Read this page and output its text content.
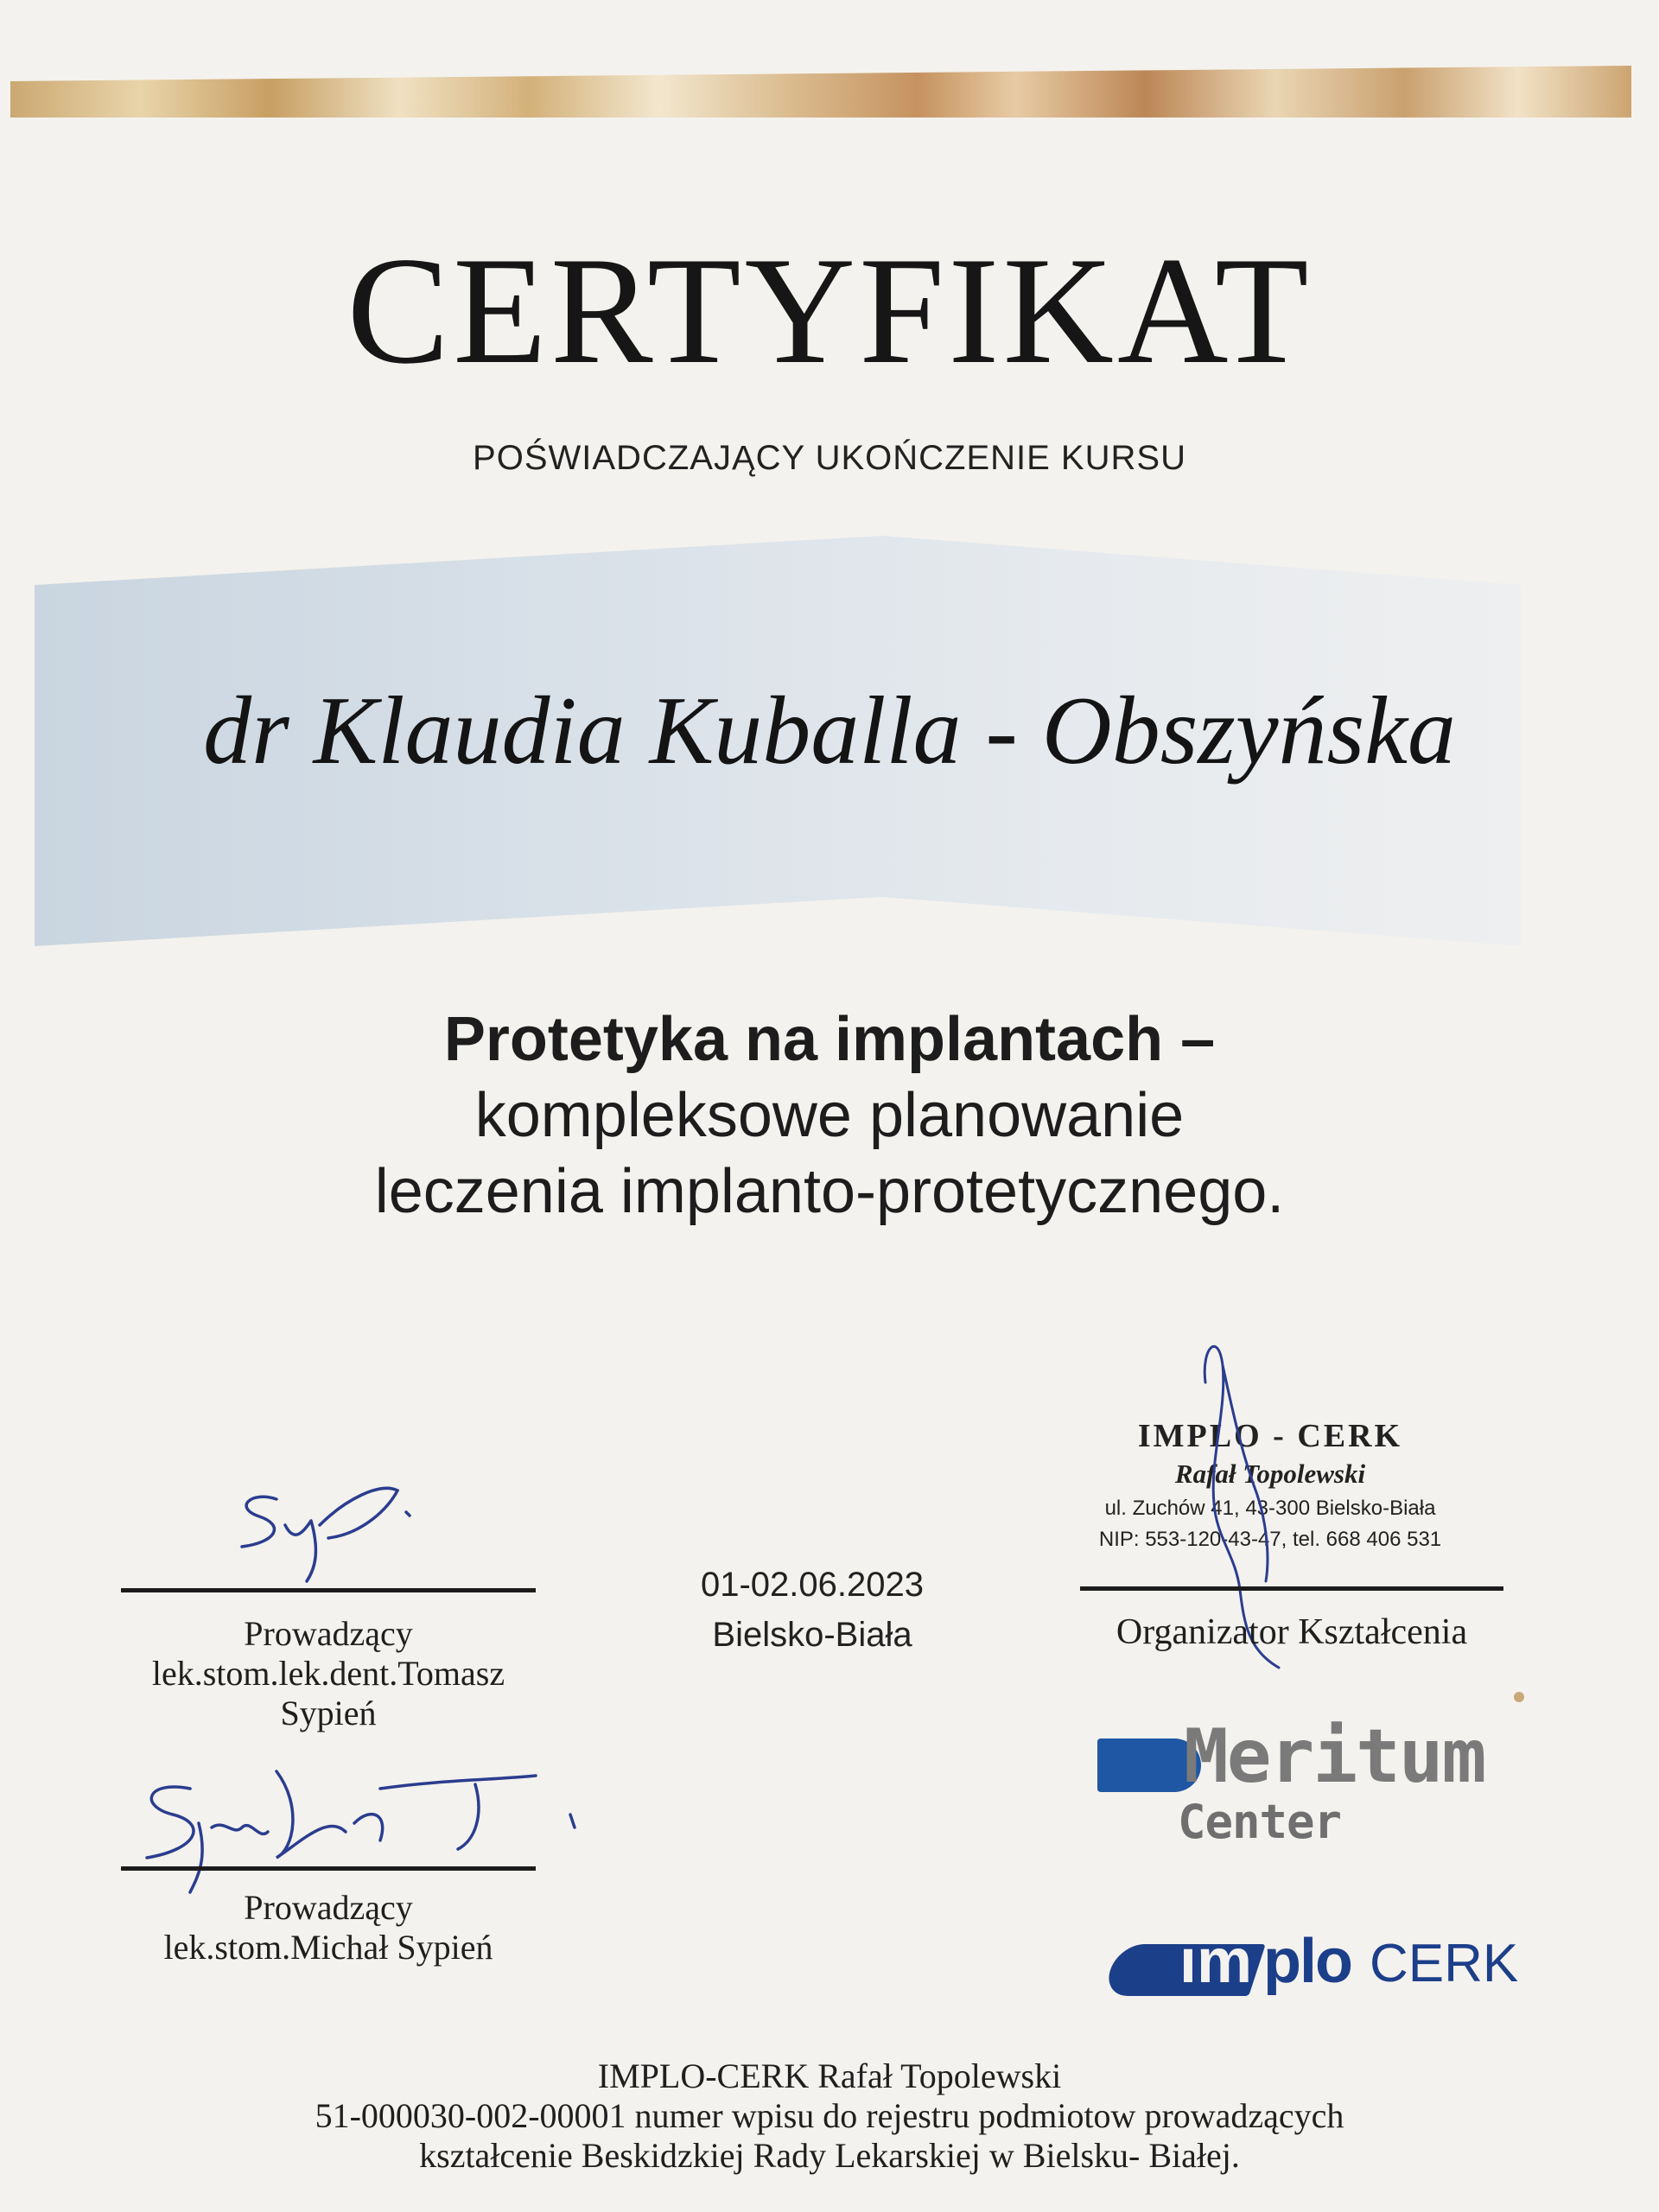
CERTYFIKAT
POŚWIADCZAJĄCY UKOŃCZENIE KURSU
dr Klaudia Kuballa - Obszyńska
Protetyka na implantach –
kompleksowe planowanie
leczenia implanto-protetycznego.
Prowadzący
lek.stom.lek.dent.Tomasz
Sypień
Prowadzący
lek.stom.Michał Sypień
01-02.06.2023
Bielsko-Biała
IMPLO - CERK
Rafał Topolewski
ul. Zuchów 41, 43-300 Bielsko-Biała
NIP: 553-120-43-47, tel. 668 406 531
Organizator Kształcenia
Meritum
Center
im plo CERK
IMPLO-CERK Rafał Topolewski
51-000030-002-00001 numer wpisu do rejestru podmiotow prowadzących
kształcenie Beskidzkiej Rady Lekarskiej w Bielsku- Białej.
